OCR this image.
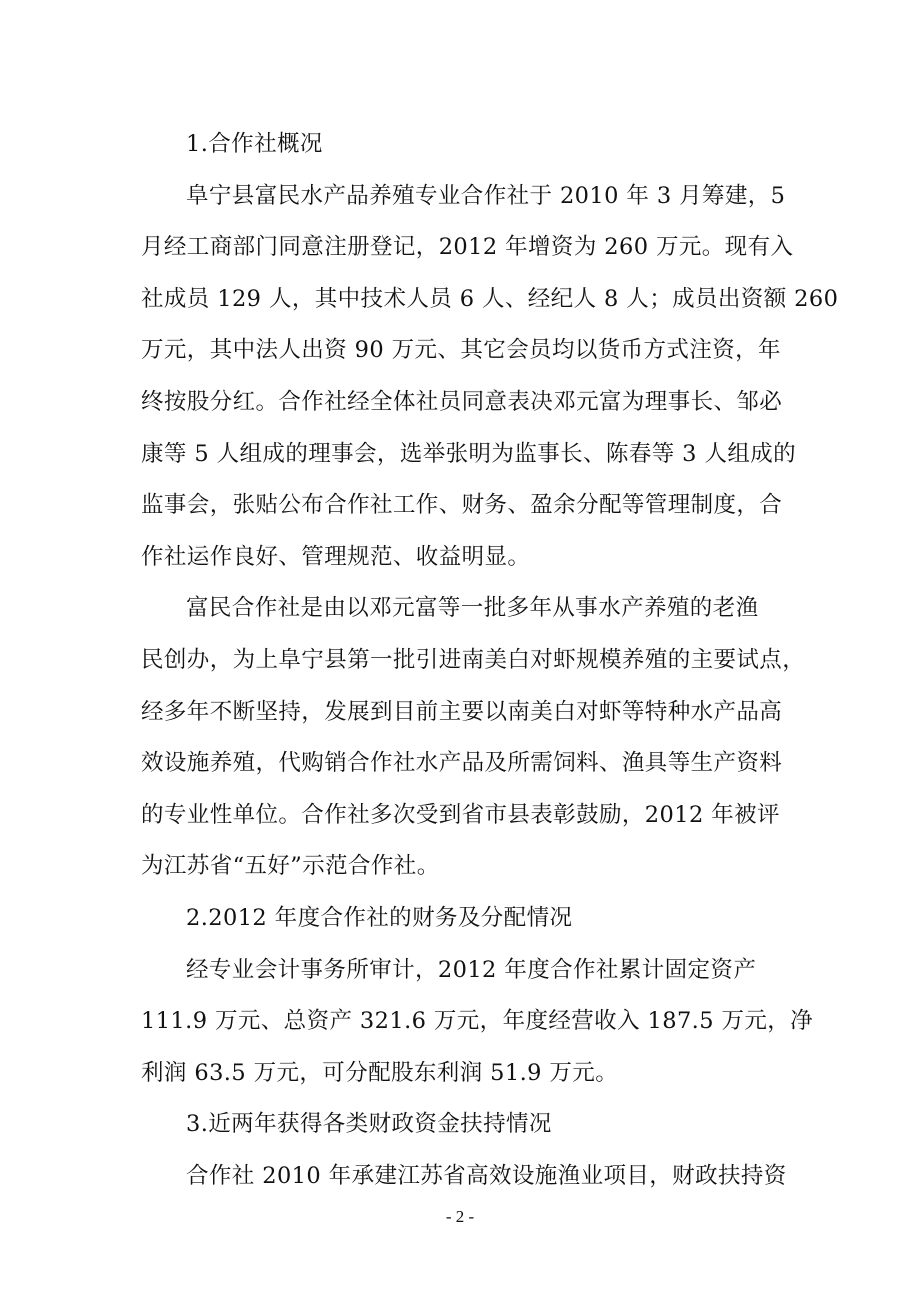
1.合作社概况
阜宁县富民水产品养殖专业合作社于 2010 年 3 月筹建，5
月经工商部门同意注册登记，2012 年增资为 260 万元。现有入
社成员 129 人，其中技术人员 6 人、经纪人 8 人；成员出资额 260
万元，其中法人出资 90 万元、其它会员均以货币方式注资，年
终按股分红。合作社经全体社员同意表决邓元富为理事长、邹必
康等 5 人组成的理事会，选举张明为监事长、陈春等 3 人组成的
监事会，张贴公布合作社工作、财务、盈余分配等管理制度，合
作社运作良好、管理规范、收益明显。
富民合作社是由以邓元富等一批多年从事水产养殖的老渔
民创办，为上阜宁县第一批引进南美白对虾规模养殖的主要试点，
经多年不断坚持，发展到目前主要以南美白对虾等特种水产品高
效设施养殖，代购销合作社水产品及所需饲料、渔具等生产资料
的专业性单位。合作社多次受到省市县表彰鼓励，2012 年被评
为江苏省“五好”示范合作社。
2.2012 年度合作社的财务及分配情况
经专业会计事务所审计，2012 年度合作社累计固定资产
111.9 万元、总资产 321.6 万元，年度经营收入 187.5 万元，净
利润 63.5 万元，可分配股东利润 51.9 万元。
3.近两年获得各类财政资金扶持情况
合作社 2010 年承建江苏省高效设施渔业项目，财政扶持资
- 2 -
